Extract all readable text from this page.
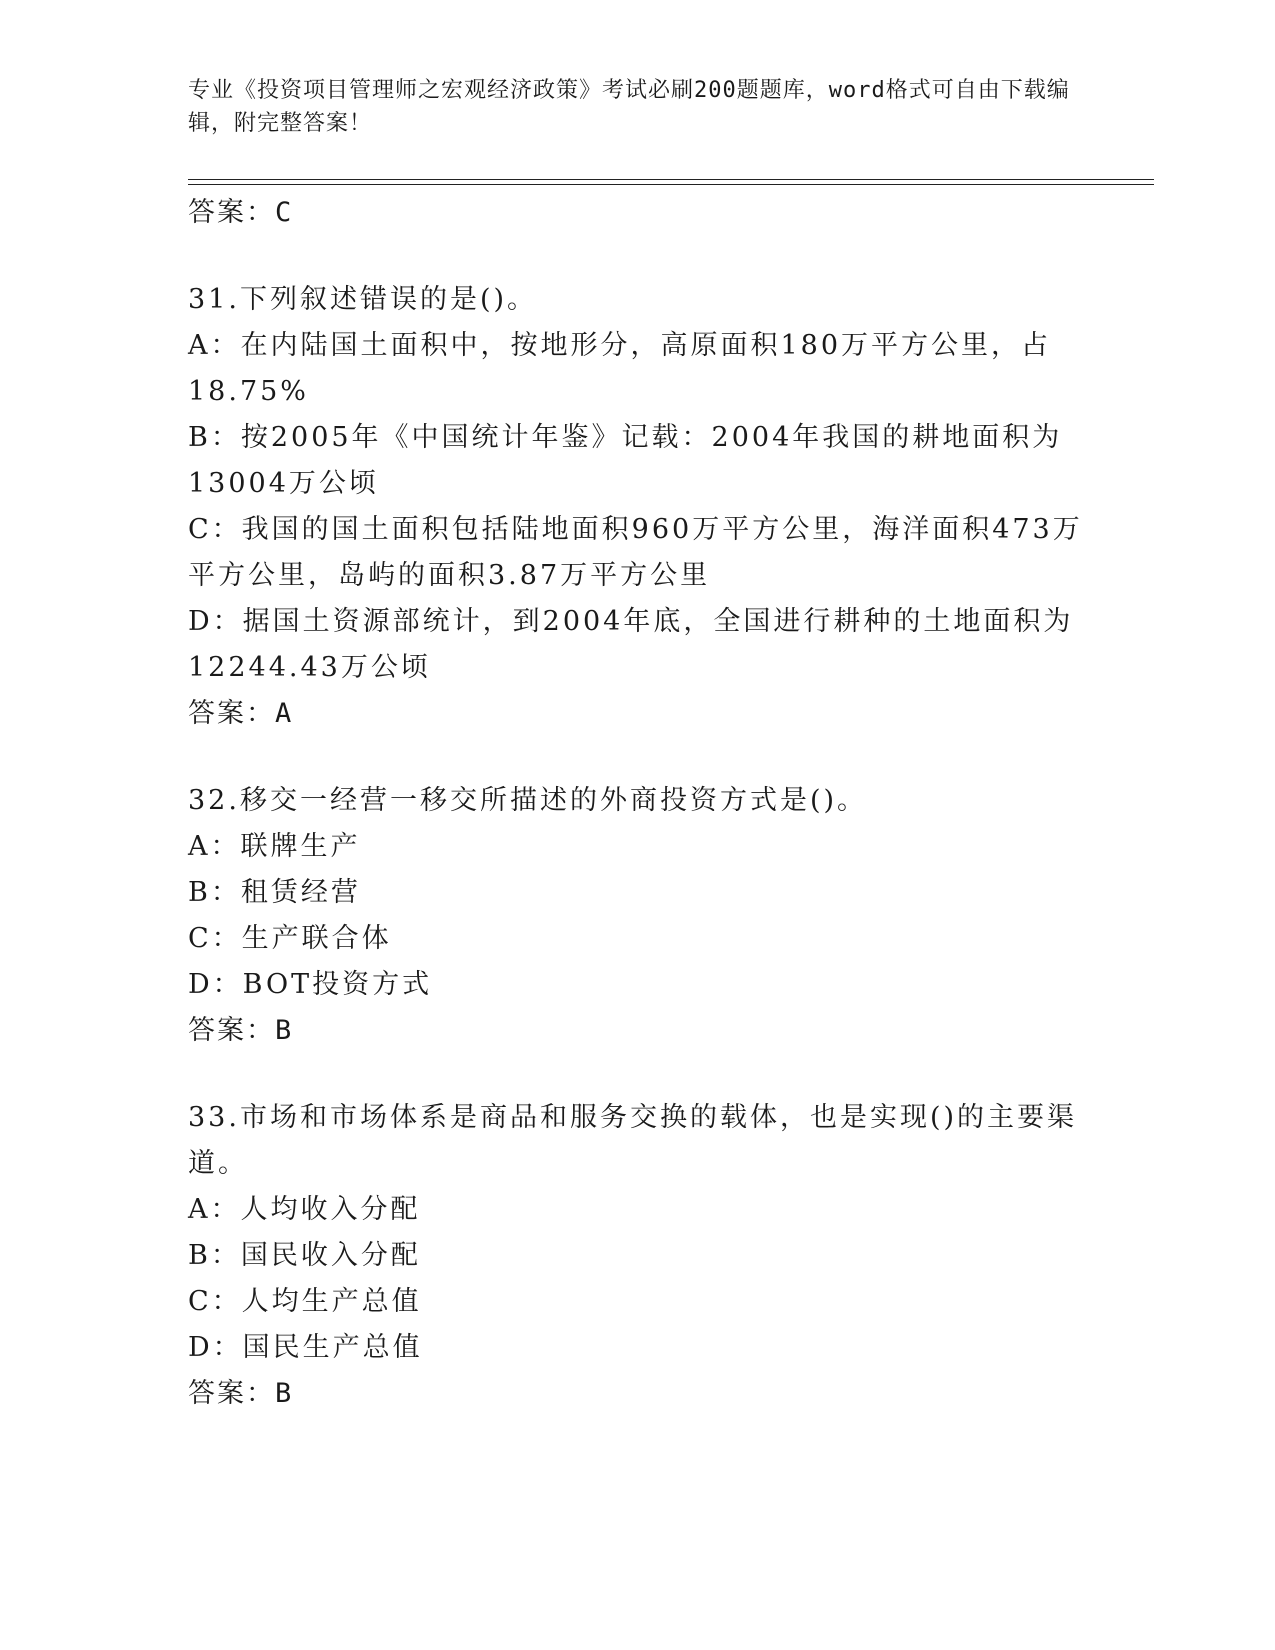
专业《投资项目管理师之宏观经济政策》考试必刷200题题库，word格式可自由下载编辑，附完整答案！
答案：C
31.下列叙述错误的是()。
A：在内陆国土面积中，按地形分，高原面积180万平方公里，占18.75%
B：按2005年《中国统计年鉴》记载：2004年我国的耕地面积为13004万公顷
C：我国的国土面积包括陆地面积960万平方公里，海洋面积473万平方公里，岛屿的面积3.87万平方公里
D：据国土资源部统计，到2004年底，全国进行耕种的土地面积为12244.43万公顷
答案：A
32.移交一经营一移交所描述的外商投资方式是()。
A：联牌生产
B：租赁经营
C：生产联合体
D：BOT投资方式
答案：B
33.市场和市场体系是商品和服务交换的载体，也是实现()的主要渠道。
A：人均收入分配
B：国民收入分配
C：人均生产总值
D：国民生产总值
答案：B
